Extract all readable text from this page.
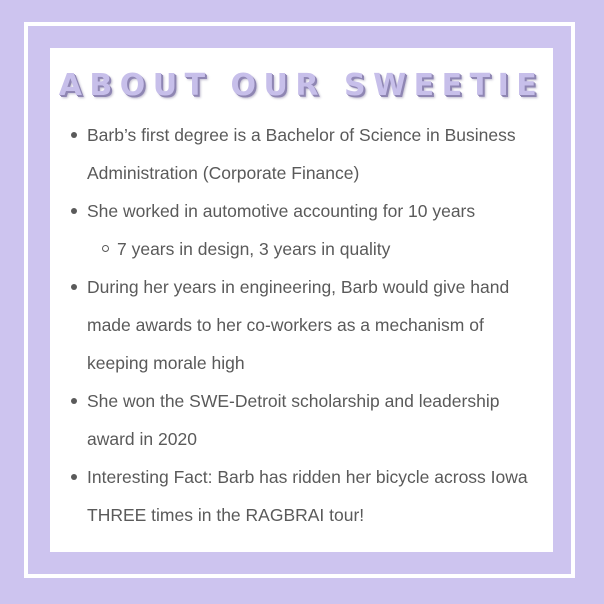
ABOUT OUR SWEETIE
Barb’s first degree is a Bachelor of Science in Business Administration (Corporate Finance)
She worked in automotive accounting for 10 years
7 years in design, 3 years in quality
During her years in engineering, Barb would give hand made awards to her co-workers as a mechanism of keeping morale high
She won the SWE-Detroit scholarship and leadership award in 2020
Interesting Fact: Barb has ridden her bicycle across Iowa THREE times in the RAGBRAI tour!
